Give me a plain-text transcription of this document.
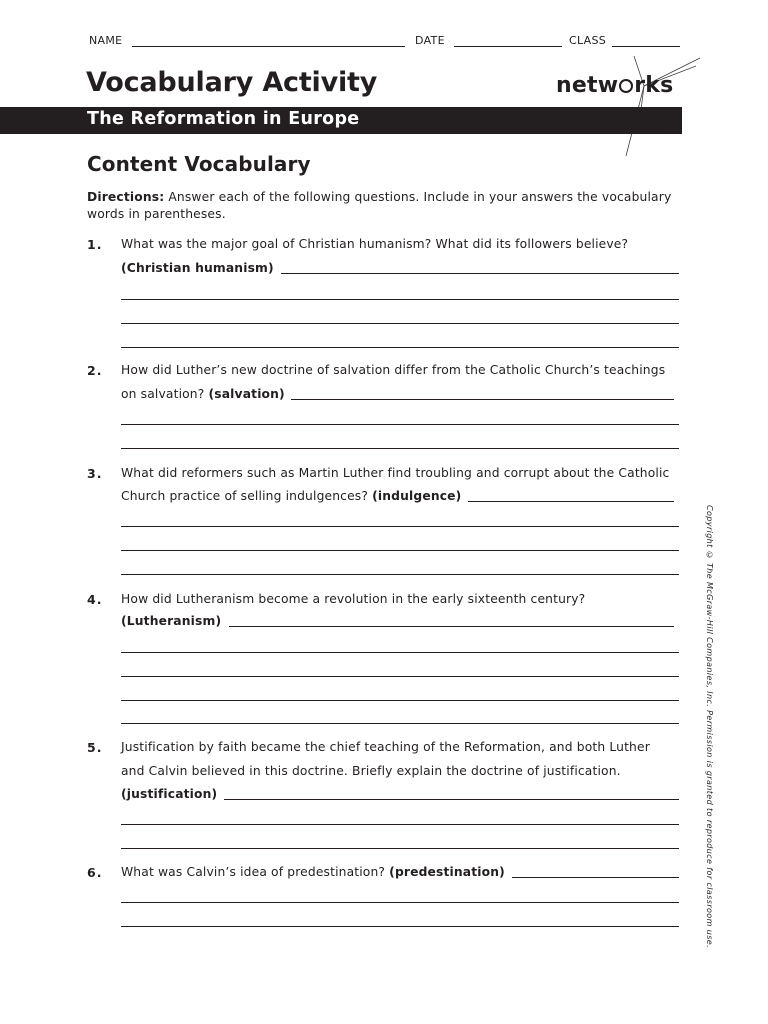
NAME	DATE	CLASS
Vocabulary Activity	netw rks
The Reformation in Europe
Content Vocabulary
Directions: Answer each of the following questions. Include in your answers the vocabulary words in parentheses.
1. What was the major goal of Christian humanism? What did its followers believe?
(Christian humanism)
2. How did Luther’s new doctrine of salvation differ from the Catholic Church’s teachings
on salvation? (salvation)
3. What did reformers such as Martin Luther find troubling and corrupt about the Catholic
Church practice of selling indulgences? (indulgence)
4. How did Lutheranism become a revolution in the early sixteenth century?
(Lutheranism)
5. Justification by faith became the chief teaching of the Reformation, and both Luther
and Calvin believed in this doctrine. Briefly explain the doctrine of justification.
(justification)
6. What was Calvin’s idea of predestination? (predestination)	Copyright © The McGraw-Hill Companies, Inc. Permission is granted to reproduce for classroom use.
